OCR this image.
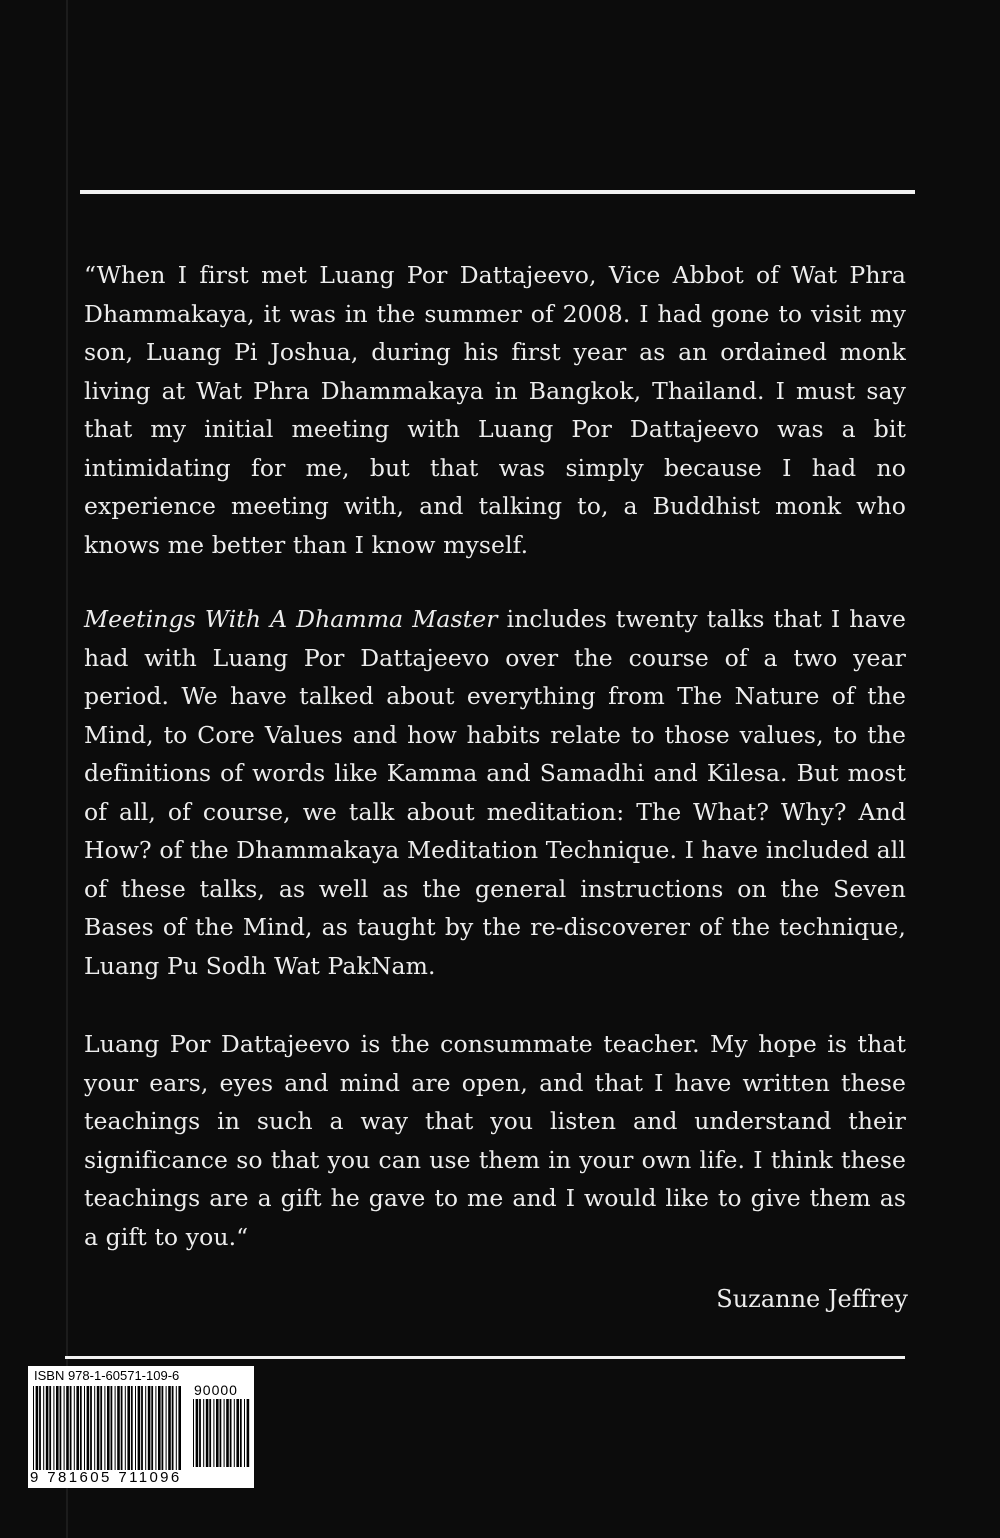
“When I first met Luang Por Dattajeevo, Vice Abbot of Wat Phra Dhammakaya, it was in the summer of 2008. I had gone to visit my son, Luang Pi Joshua, during his first year as an ordained monk living at Wat Phra Dhammakaya in Bangkok, Thailand. I must say that my initial meeting with Luang Por Dattajeevo was a bit intimidating for me, but that was simply because I had no experience meeting with, and talking to, a Buddhist monk who knows me better than I know myself.

Meetings With A Dhamma Master includes twenty talks that I have had with Luang Por Dattajeevo over the course of a two year period. We have talked about everything from The Nature of the Mind, to Core Values and how habits relate to those values, to the definitions of words like Kamma and Samadhi and Kilesa. But most of all, of course, we talk about meditation: The What? Why? And How? of the Dhammakaya Meditation Technique. I have included all of these talks, as well as the general instructions on the Seven Bases of the Mind, as taught by the re-discoverer of the technique, Luang Pu Sodh Wat PakNam.

Luang Por Dattajeevo is the consummate teacher. My hope is that your ears, eyes and mind are open, and that I have written these teachings in such a way that you listen and understand their significance so that you can use them in your own life. I think these teachings are a gift he gave to me and I would like to give them as a gift to you.“

Suzanne Jeffrey
ISBN 978-1-60571-109-6
90000
9 781605 711096
